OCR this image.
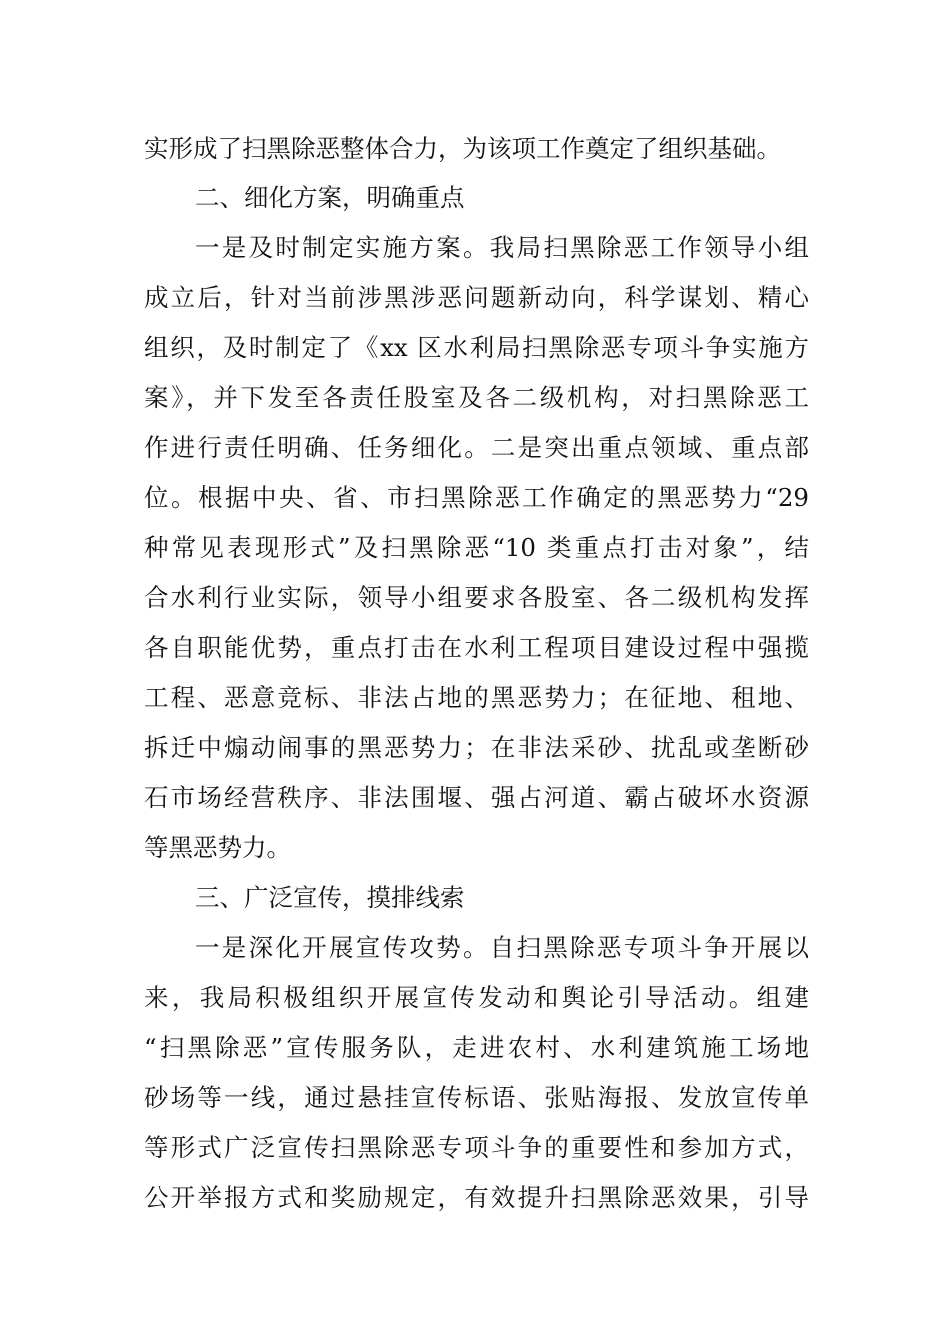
实形成了扫黑除恶整体合力，为该项工作奠定了组织基础。
二、细化方案，明确重点
一是及时制定实施方案。我局扫黑除恶工作领导小组
成立后，针对当前涉黑涉恶问题新动向，科学谋划、精心
组织，及时制定了《xx 区水利局扫黑除恶专项斗争实施方
案》，并下发至各责任股室及各二级机构，对扫黑除恶工
作进行责任明确、任务细化。二是突出重点领域、重点部
位。根据中央、省、市扫黑除恶工作确定的黑恶势力“29
种常见表现形式”及扫黑除恶“10 类重点打击对象”，结
合水利行业实际，领导小组要求各股室、各二级机构发挥
各自职能优势，重点打击在水利工程项目建设过程中强揽
工程、恶意竞标、非法占地的黑恶势力；在征地、租地、
拆迁中煽动闹事的黑恶势力；在非法采砂、扰乱或垄断砂
石市场经营秩序、非法围堰、强占河道、霸占破坏水资源
等黑恶势力。
三、广泛宣传，摸排线索
一是深化开展宣传攻势。自扫黑除恶专项斗争开展以
来，我局积极组织开展宣传发动和舆论引导活动。组建
“扫黑除恶”宣传服务队，走进农村、水利建筑施工场地
砂场等一线，通过悬挂宣传标语、张贴海报、发放宣传单
等形式广泛宣传扫黑除恶专项斗争的重要性和参加方式，
公开举报方式和奖励规定，有效提升扫黑除恶效果，引导
